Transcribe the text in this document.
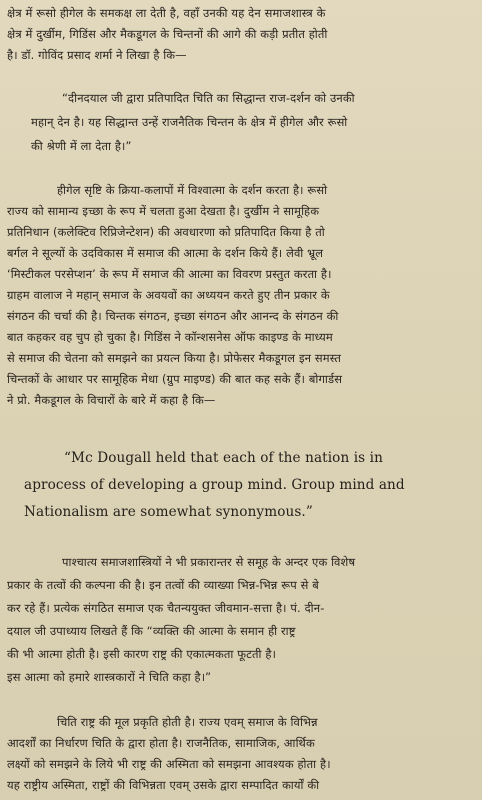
क्षेत्र में रूसो हीगेल के समकक्ष ला देती है, वहाँ उनकी यह देन समाजशास्त्र के
क्षेत्र में दुर्खीम, गिडिंस और मैकडूगल के चिन्तनों की आगे की कड़ी प्रतीत होती
है। डॉ. गोविंद प्रसाद शर्मा ने लिखा है कि—
“दीनदयाल जी द्वारा प्रतिपादित चिति का सिद्धान्त राज-दर्शन को उनकी
महान् देन है। यह सिद्धान्त उन्हें राजनैतिक चिन्तन के क्षेत्र में हीगेल और रूसो
की श्रेणी में ला देता है।”
हीगेल सृष्टि के क्रिया-कलापों में विश्वात्मा के दर्शन करता है। रूसो
राज्य को सामान्य इच्छा के रूप में चलता हुआ देखता है। दुर्खीम ने सामूहिक
प्रतिनिधान (कलेक्टिव रिप्रिजेन्टेशन) की अवधारणा को प्रतिपादित किया है तो
बर्गल ने सूल्यों के उदविकास में समाज की आत्मा के दर्शन किये हैं। लेवी भ्रूल
‘मिस्टीकल परसेप्शन’ के रूप में समाज की आत्मा का विवरण प्रस्तुत करता है।
ग्राहम वालाज ने महान् समाज के अवयवों का अध्ययन करते हुए तीन प्रकार के
संगठन की चर्चा की है। चिन्तक संगठन, इच्छा संगठन और आनन्द के संगठन की
बात कहकर वह चुप हो चुका है। गिडिंस ने कॉन्शसनेस ऑफ काइण्ड के माध्यम
से समाज की चेतना को समझने का प्रयत्न किया है। प्रोफेसर मैकडूगल इन समस्त
चिन्तकों के आधार पर सामूहिक मेधा (ग्रुप माइण्ड) की बात कह सके हैं। बोगार्डस
ने प्रो. मैकडूगल के विचारों के बारे में कहा है कि—
“Mc Dougall held that each of the nation is in
aprocess of developing a group mind. Group mind and
Nationalism are somewhat synonymous.”
पाश्चात्य समाजशास्त्रियों ने भी प्रकारान्तर से समूह के अन्दर एक विशेष
प्रकार के तत्वों की कल्पना की है। इन तत्वों की व्याख्या भिन्न-भिन्न रूप से बे
कर रहे हैं। प्रत्येक संगठित समाज एक चैतन्ययुक्त जीवमान-सत्ता है। पं. दीन-
दयाल जी उपाध्याय लिखते हैं कि “व्यक्ति की आत्मा के समान ही राष्ट्र
की भी आत्मा होती है। इसी कारण राष्ट्र की एकात्मकता फूटती है।
इस आत्मा को हमारे शास्त्रकारों ने चिति कहा है।”
चिति राष्ट्र की मूल प्रकृति होती है। राज्य एवम् समाज के विभिन्न
आदर्शों का निर्धारण चिति के द्वारा होता है। राजनैतिक, सामाजिक, आर्थिक
लक्ष्यों को समझने के लिये भी राष्ट्र की अस्मिता को समझना आवश्यक होता है।
यह राष्ट्रीय अस्मिता, राष्ट्रों की विभिन्नता एवम् उसके द्वारा सम्पादित कार्यों की
